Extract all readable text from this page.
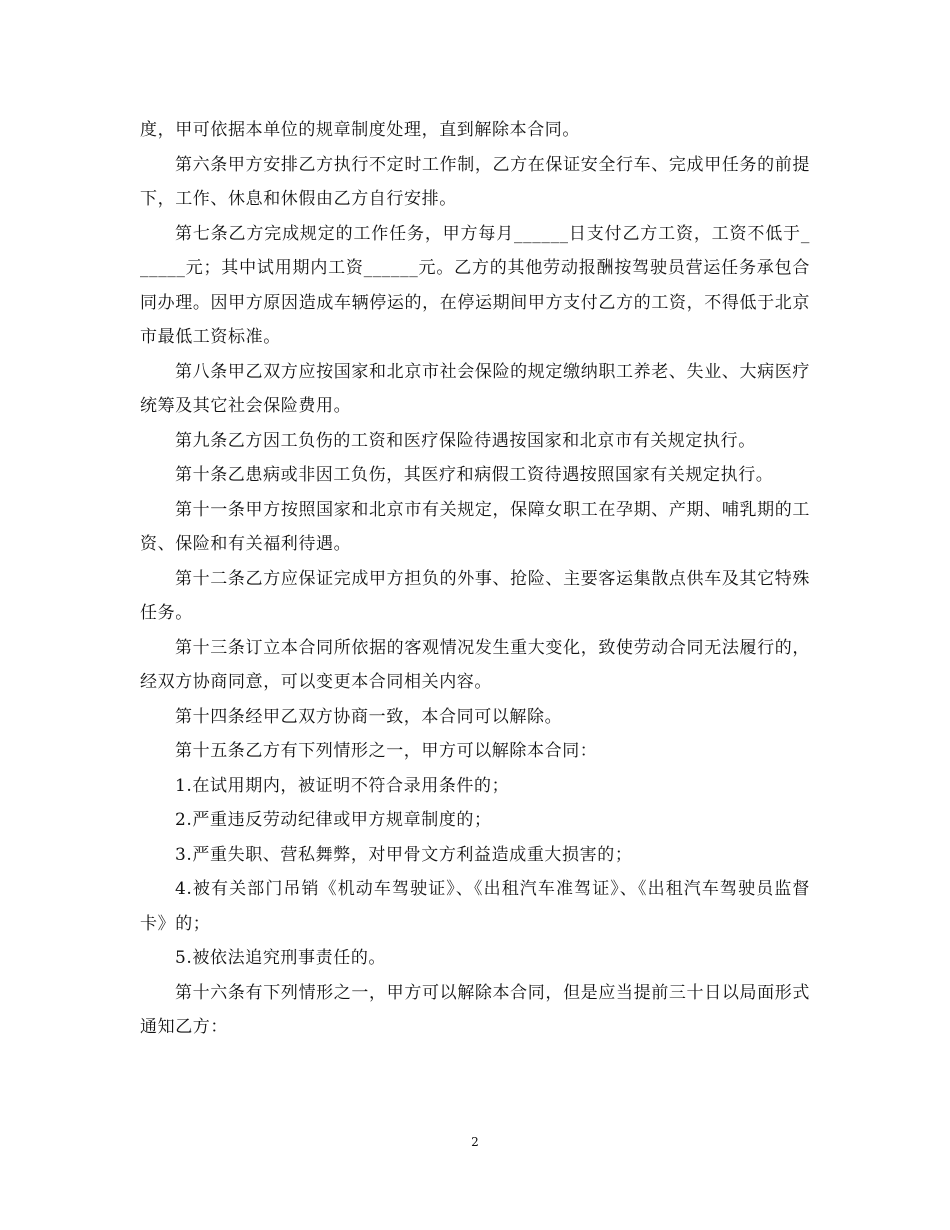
度，甲可依据本单位的规章制度处理，直到解除本合同。

第六条甲方安排乙方执行不定时工作制，乙方在保证安全行车、完成甲任务的前提下，工作、休息和休假由乙方自行安排。

第七条乙方完成规定的工作任务，甲方每月______日支付乙方工资，工资不低于______元；其中试用期内工资______元。乙方的其他劳动报酬按驾驶员营运任务承包合同办理。因甲方原因造成车辆停运的，在停运期间甲方支付乙方的工资，不得低于北京市最低工资标准。

第八条甲乙双方应按国家和北京市社会保险的规定缴纳职工养老、失业、大病医疗统筹及其它社会保险费用。

第九条乙方因工负伤的工资和医疗保险待遇按国家和北京市有关规定执行。

第十条乙患病或非因工负伤，其医疗和病假工资待遇按照国家有关规定执行。

第十一条甲方按照国家和北京市有关规定，保障女职工在孕期、产期、哺乳期的工资、保险和有关福利待遇。

第十二条乙方应保证完成甲方担负的外事、抢险、主要客运集散点供车及其它特殊任务。

第十三条订立本合同所依据的客观情况发生重大变化，致使劳动合同无法履行的，经双方协商同意，可以变更本合同相关内容。

第十四条经甲乙双方协商一致，本合同可以解除。

第十五条乙方有下列情形之一，甲方可以解除本合同：

1.在试用期内，被证明不符合录用条件的；

2.严重违反劳动纪律或甲方规章制度的；

3.严重失职、营私舞弊，对甲骨文方利益造成重大损害的；

4.被有关部门吊销《机动车驾驶证》、《出租汽车准驾证》、《出租汽车驾驶员监督卡》的；

5.被依法追究刑事责任的。

第十六条有下列情形之一，甲方可以解除本合同，但是应当提前三十日以局面形式通知乙方：

2
